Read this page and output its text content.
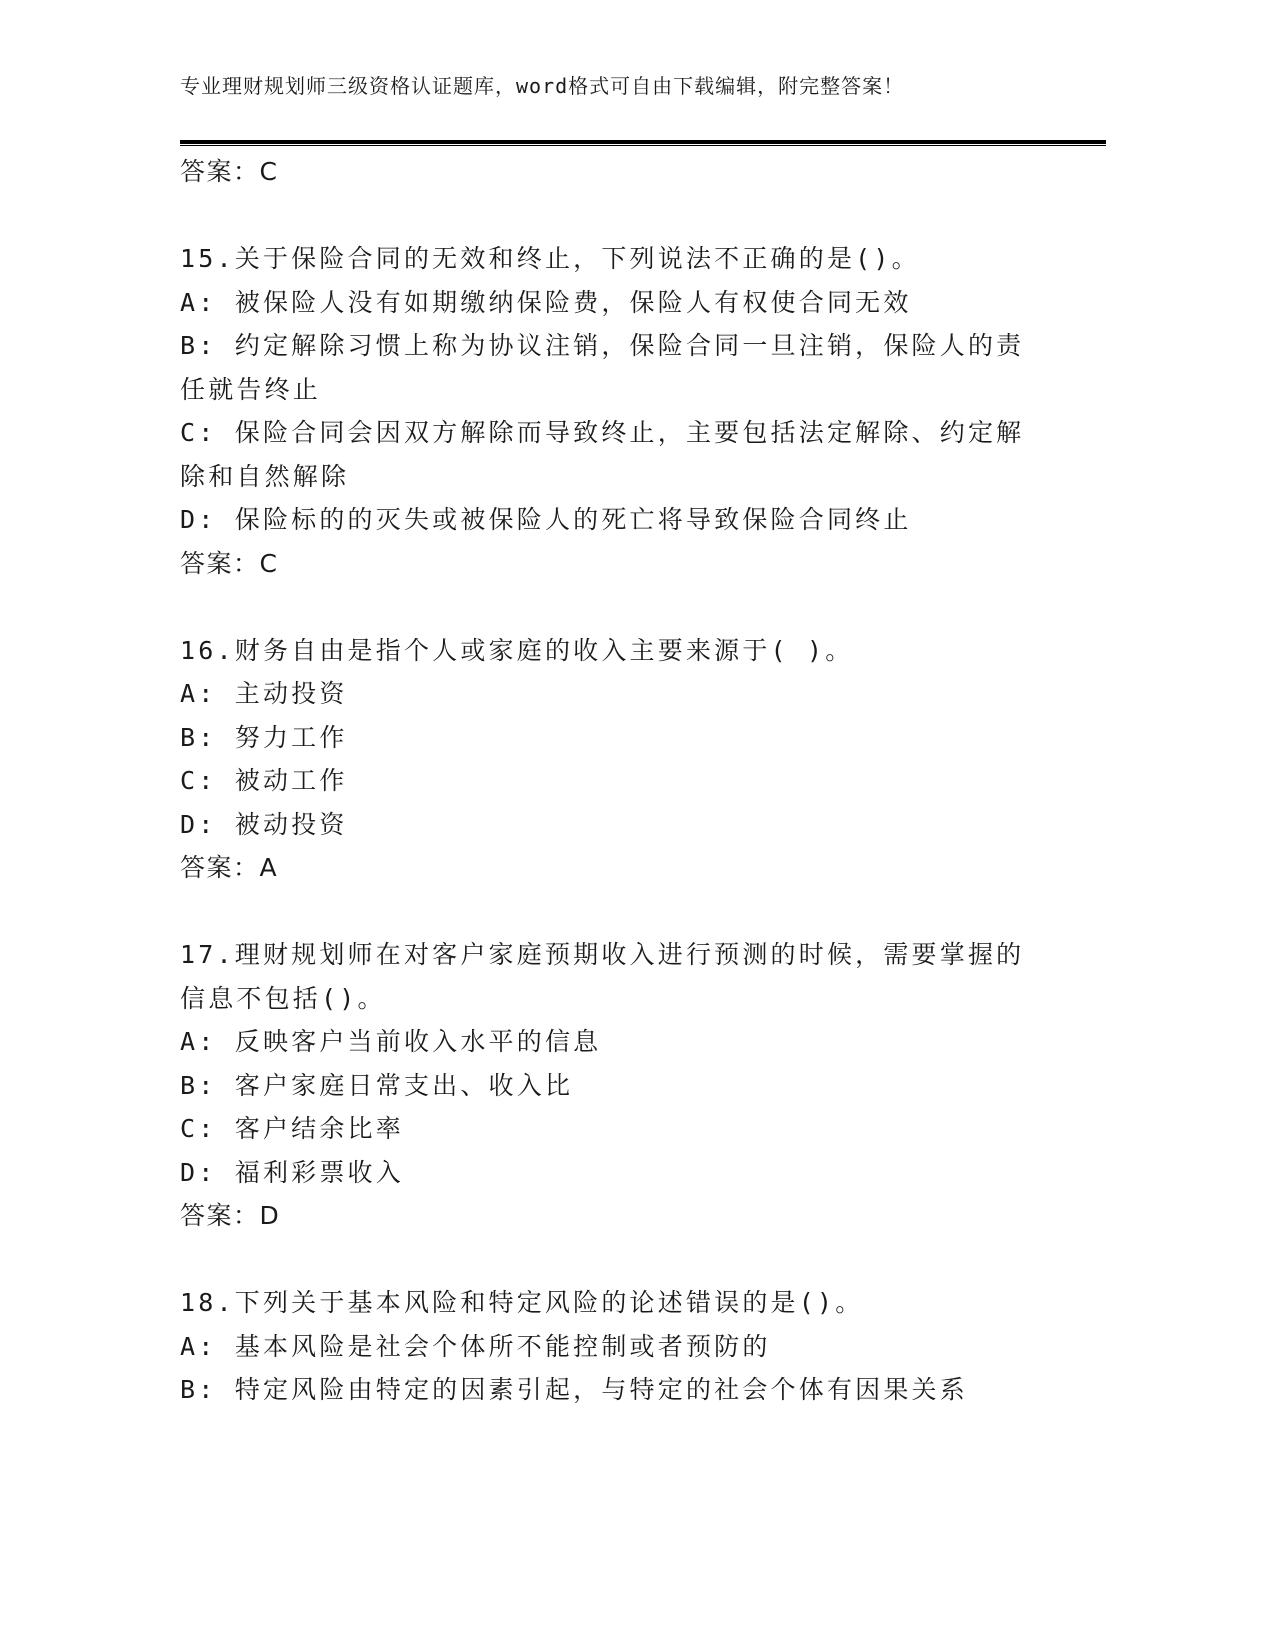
专业理财规划师三级资格认证题库，word格式可自由下载编辑，附完整答案！
答案：C
15.关于保险合同的无效和终止，下列说法不正确的是()。
A: 被保险人没有如期缴纳保险费，保险人有权使合同无效
B: 约定解除习惯上称为协议注销，保险合同一旦注销，保险人的责任就告终止
C: 保险合同会因双方解除而导致终止，主要包括法定解除、约定解除和自然解除
D: 保险标的的灭失或被保险人的死亡将导致保险合同终止
答案：C
16.财务自由是指个人或家庭的收入主要来源于( )。
A: 主动投资
B: 努力工作
C: 被动工作
D: 被动投资
答案：A
17.理财规划师在对客户家庭预期收入进行预测的时候，需要掌握的信息不包括()。
A: 反映客户当前收入水平的信息
B: 客户家庭日常支出、收入比
C: 客户结余比率
D: 福利彩票收入
答案：D
18.下列关于基本风险和特定风险的论述错误的是()。
A: 基本风险是社会个体所不能控制或者预防的
B: 特定风险由特定的因素引起，与特定的社会个体有因果关系
